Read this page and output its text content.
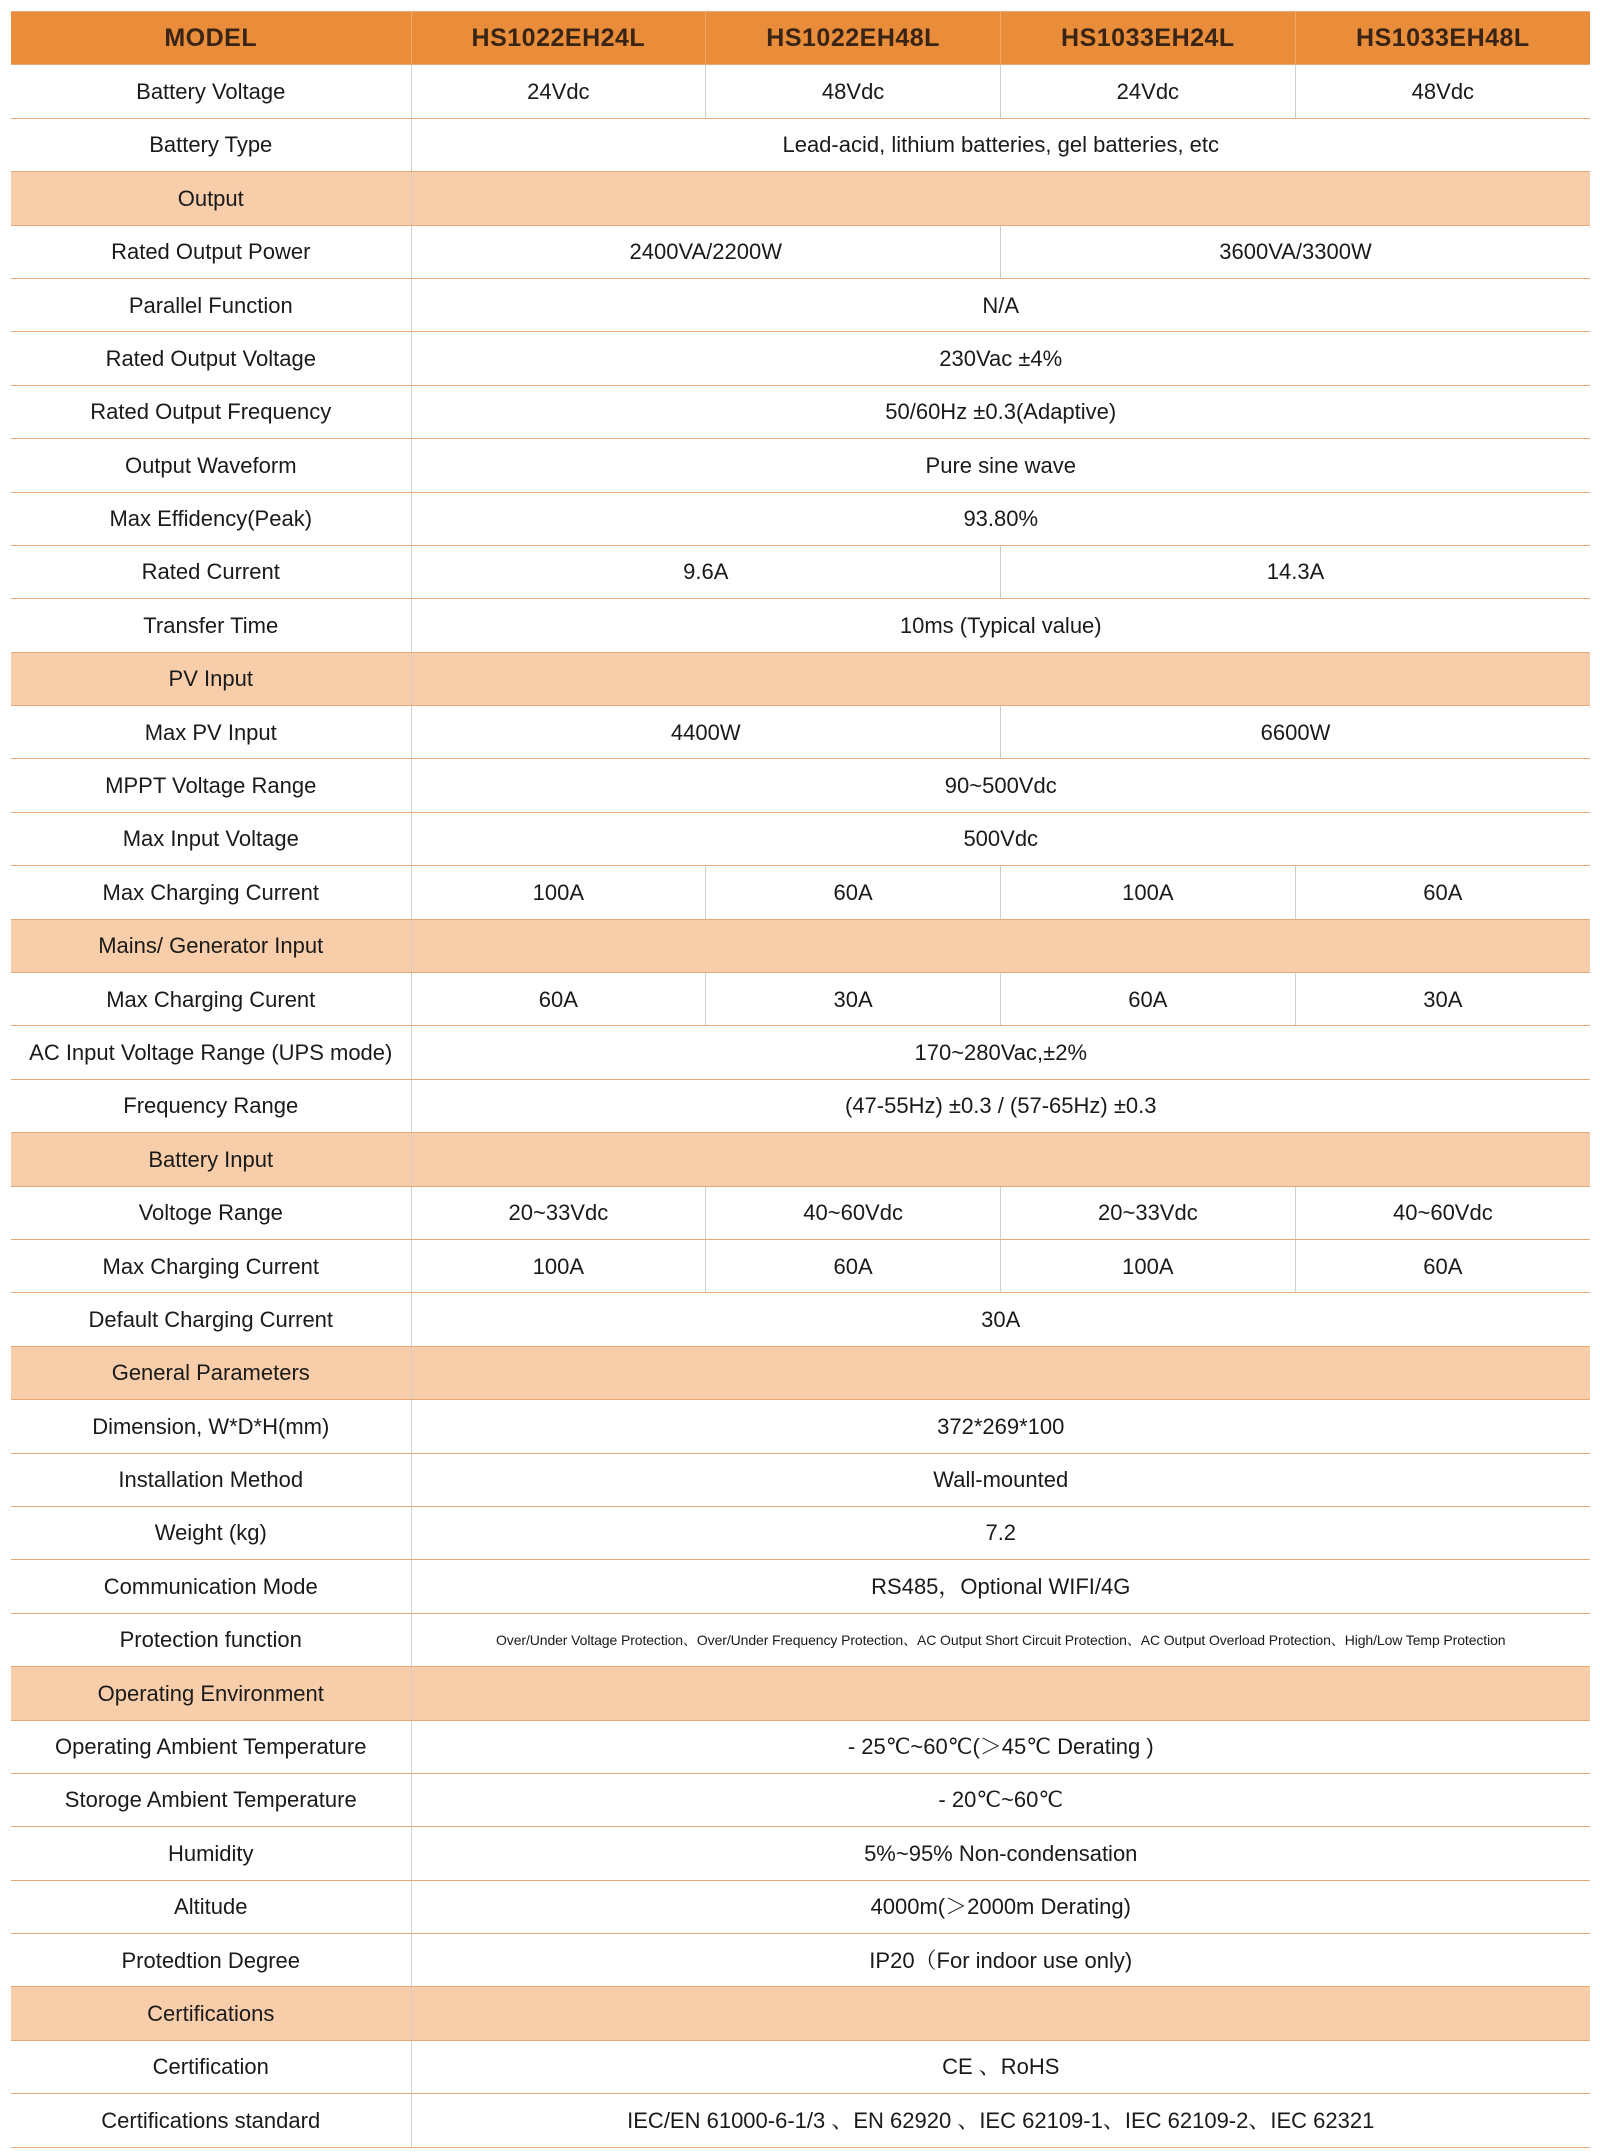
MODEL	HS1022EH24L	HS1022EH48L	HS1033EH24L	HS1033EH48L
Battery Voltage	24Vdc	48Vdc	24Vdc	48Vdc
Battery Type	Lead-acid, lithium batteries, gel batteries, etc			
Output				
Rated Output Power	2400VA/2200W		3600VA/3300W	
Parallel Function	N/A			
Rated Output Voltage	230Vac ±4%			
Rated Output Frequency	50/60Hz ±0.3(Adaptive)			
Output Waveform	Pure sine wave			
Max Effidency(Peak)	93.80%			
Rated Current	9.6A		14.3A	
Transfer Time	10ms (Typical value)			
PV Input				
Max PV Input	4400W		6600W	
MPPT Voltage Range	90~500Vdc			
Max Input Voltage	500Vdc			
Max Charging Current	100A	60A	100A	60A
Mains/ Generator Input				
Max Charging Curent	60A	30A	60A	30A
AC Input Voltage Range (UPS mode)	170~280Vac,±2%			
Frequency Range	(47-55Hz) ±0.3 / (57-65Hz) ±0.3			
Battery Input				
Voltoge Range	20~33Vdc	40~60Vdc	20~33Vdc	40~60Vdc
Max Charging Current	100A	60A	100A	60A
Default Charging Current	30A			
General Parameters				
Dimension, W*D*H(mm)	372*269*100			
Installation Method	Wall-mounted			
Weight (kg)	7.2			
Communication Mode	RS485，Optional WIFI/4G			
Protection function	Over/Under Voltage Protection、Over/Under Frequency Protection、AC Output Short Circuit Protection、AC Output Overload Protection、High/Low Temp Protection			
Operating Environment				
Operating Ambient Temperature	- 25℃~60℃(＞45℃ Derating )			
Storoge Ambient Temperature	- 20℃~60℃			
Humidity	5%~95% Non-condensation			
Altitude	4000m(＞2000m Derating)			
Protedtion Degree	IP20（For indoor use only)			
Certifications				
Certification	CE 、RoHS			
Certifications standard	IEC/EN 61000-6-1/3 、EN 62920 、IEC 62109-1、IEC 62109-2、IEC 62321			
